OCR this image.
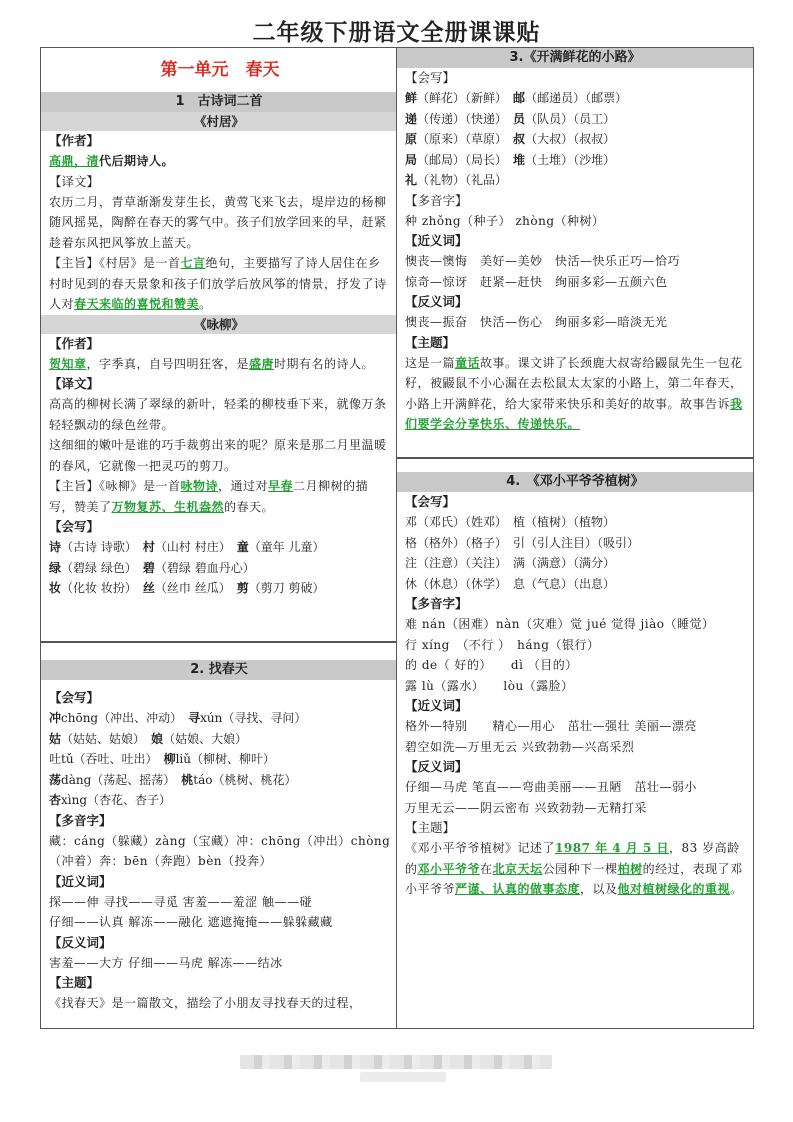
二年级下册语文全册课课贴
第一单元　春天
1　古诗词二首
《村居》
【作者】

高鼎，清代后期诗人。

【译文】

农历二月，青草渐渐发芽生长，黄莺飞来飞去，堤岸边的杨柳随风摇晃，陶醉在春天的雾气中。孩子们放学回来的早，赶紧趁着东风把风筝放上蓝天。

【主旨】《村居》是一首七言绝句，主要描写了诗人居住在乡村时见到的春天景象和孩子们放学后放风筝的情景，抒发了诗人对春天来临的喜悦和赞美。

《咏柳》
【作者】

贺知章，字季真，自号四明狂客，是盛唐时期有名的诗人。

【译文】

高高的柳树长满了翠绿的新叶，轻柔的柳枝垂下来，就像万条轻轻飘动的绿色丝带。

这细细的嫩叶是谁的巧手裁剪出来的呢？原来是那二月里温暖的春风，它就像一把灵巧的剪刀。

【主旨】《咏柳》是一首咏物诗，通过对早春二月柳树的描写，赞美了万物复苏、生机盎然的春天。

【会写】
诗（古诗 诗歌）　 村（山村 村庄）　 童（童年 儿童）
绿（碧绿 绿色）　 碧（碧绿 碧血丹心）
妆（化妆 妆扮）　 丝（丝巾 丝瓜）　 剪（剪刀 剪破）
2. 找春天
【会写】
冲chōng（冲出、冲动）　 寻xún（寻找、寻问）
姑（姑姑、姑娘）　 娘（姑娘、大娘）
吐tǔ（吞吐、吐出）　 柳liǔ（柳树、柳叶）
荡dàng（荡起、摇荡）　 桃táo（桃树、桃花）
杏xìng（杏花、杏子）
【多音字】

藏：cáng（躲藏）zàng（宝藏）冲：chōng（冲出）chòng（冲着）奔：bēn（奔跑）bèn（投奔）

【近义词】

探——伸 寻找——寻觅 害羞——羞涩 触——碰

仔细——认真 解冻——融化 遮遮掩掩——躲躲藏藏

【反义词】

害羞——大方 仔细——马虎 解冻——结冰

【主题】

《找春天》是一篇散文，描绘了小朋友寻找春天的过程，

3.《开满鲜花的小路》
【会写】
鲜（鲜花）（新鲜）　 邮（邮递员）（邮票）
递（传递）（快递）　 员（队员）（员工）
原（原来）（草原）　 叔（大叔）（叔叔）
局（邮局）（局长）　 堆（土堆）（沙堆）
礼（礼物）（礼品）
【多音字】

种 zhǒng（种子） zhòng（种树）

【近义词】

懊丧—懊悔　美好—美妙　快活—快乐正巧—恰巧

惊奇—惊讶　赶紧—赶快　绚丽多彩—五颜六色

【反义词】

懊丧—振奋　快活—伤心　绚丽多彩—暗淡无光

【主题】

这是一篇童话故事。课文讲了长颈鹿大叔寄给鼹鼠先生一包花籽，被鼹鼠不小心漏在去松鼠太太家的小路上，第二年春天，小路上开满鲜花，给大家带来快乐和美好的故事。故事告诉我们要学会分享快乐、传递快乐。

4.　《邓小平爷爷植树》
【会写】
邓（邓氏）（姓邓）　植（植树）（植物）
格（格外）（格子）　引（引人注目）（吸引）
注（注意）（关注）　满（满意）（满分）
休（休息）（休学）　息（气息）（出息）
【多音字】

难 nán（困难）nàn（灾难）觉 jué 觉得 jiào（睡觉）

行 xíng　（不行 ）　háng（银行）

的 de（ 好的）　　dì （目的）

露 lù（露水）　　lòu（露脸）

【近义词】

格外—特别　　精心—用心　茁壮—强壮 美丽—漂亮

碧空如洗—万里无云 兴致勃勃—兴高采烈

【反义词】

仔细—马虎 笔直——弯曲美丽——丑陋　茁壮—弱小

万里无云——阴云密布 兴致勃勃—无精打采

【主题】

《邓小平爷爷植树》记述了1987 年 4 月 5 日，83 岁高龄的邓小平爷爷在北京天坛公园种下一棵柏树的经过，表现了邓小平爷爷严谨、认真的做事态度，以及他对植树绿化的重视。
